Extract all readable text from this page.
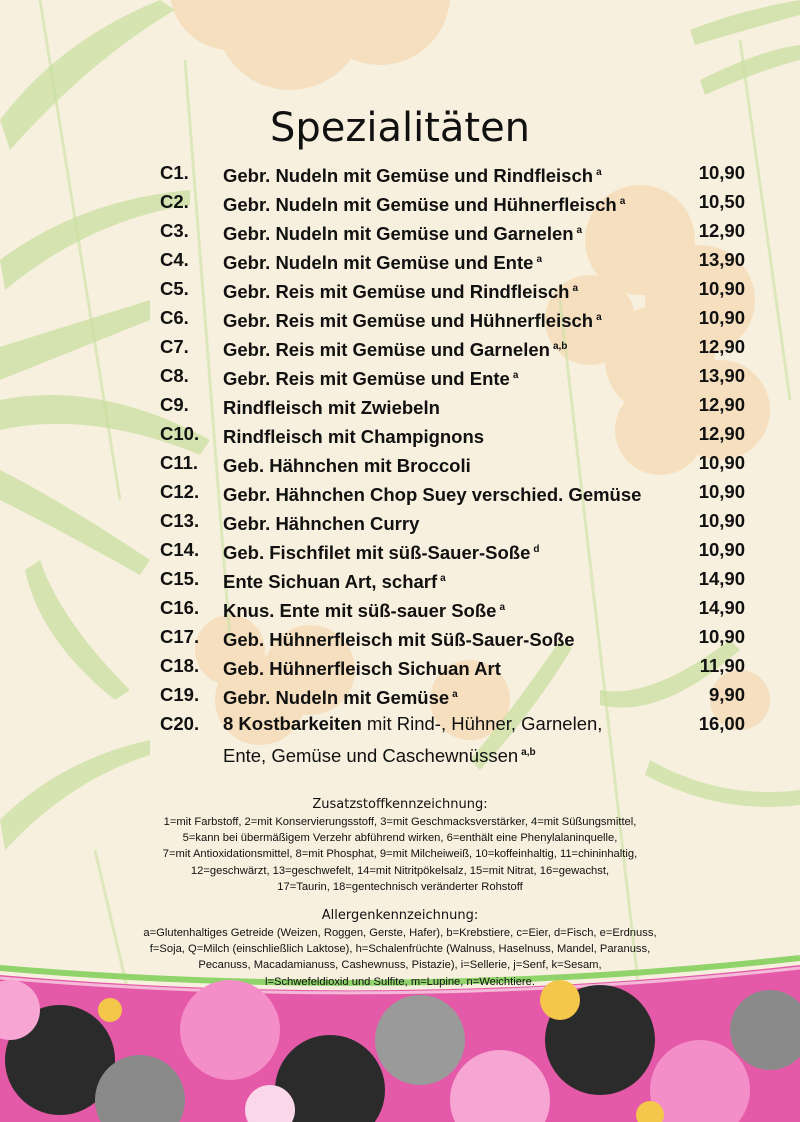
Spezialitäten
C1. Gebr. Nudeln mit Gemüse und Rindfleisch $^a$	10,90
C2. Gebr. Nudeln mit Gemüse und Hühnerfleisch $^a$	10,50
C3. Gebr. Nudeln mit Gemüse und Garnelen $^a$	12,90
C4. Gebr. Nudeln mit Gemüse und Ente $^a$	13,90
C5. Gebr. Reis mit Gemüse und Rindfleisch $^a$	10,90
C6. Gebr. Reis mit Gemüse und Hühnerfleisch $^a$	10,90
C7. Gebr. Reis mit Gemüse und Garnelen $^{a,b}$	12,90
C8. Gebr. Reis mit Gemüse und Ente $^a$	13,90
C9. Rindfleisch mit Zwiebeln	12,90
C10. Rindfleisch mit Champignons	12,90
C11. Geb. Hähnchen mit Broccoli	10,90
C12. Gebr. Hähnchen Chop Suey verschied. Gemüse	10,90
C13. Gebr. Hähnchen Curry	10,90
C14. Geb. Fischfilet mit süß-Sauer-Soße $^d$	10,90
C15. Ente Sichuan Art, scharf $^a$	14,90
C16. Knus. Ente mit süß-sauer Soße $^a$	14,90
C17. Geb. Hühnerfleisch mit Süß-Sauer-Soße	10,90
C18. Geb. Hühnerfleisch Sichuan Art	11,90
C19. Gebr. Nudeln mit Gemüse $^a$	9,90
C20. 8 Kostbarkeiten mit Rind-, Hühner, Garnelen,	16,00
Ente, Gemüse und Caschewnüssen $^{a,b}$
Zusatzstoffkennzeichnung:

1=mit Farbstoff, 2=mit Konservierungsstoff, 3=mit Geschmacksverstärker, 4=mit Süßungsmittel,

5=kann bei übermäßigem Verzehr abführend wirken, 6=enthält eine Phenylalaninquelle,

7=mit Antioxidationsmittel, 8=mit Phosphat, 9=mit Milcheiweiß, 10=koffeinhaltig, 11=chininhaltig,

12=geschwärzt, 13=geschwefelt, 14=mit Nitritpökelsalz, 15=mit Nitrat, 16=gewachst,

17=Taurin, 18=gentechnisch veränderter Rohstoff

Allergenkennzeichnung:

a=Glutenhaltiges Getreide (Weizen, Roggen, Gerste, Hafer), b=Krebstiere, c=Eier, d=Fisch, e=Erdnuss,

f=Soja, Q=Milch (einschließlich Laktose), h=Schalenfrüchte (Walnuss, Haselnuss, Mandel, Paranuss,

Pecanuss, Macadamianuss, Cashewnuss, Pistazie), i=Sellerie, j=Senf, k=Sesam,

l=Schwefeldioxid und Sulfite, m=Lupine, n=Weichtiere.
